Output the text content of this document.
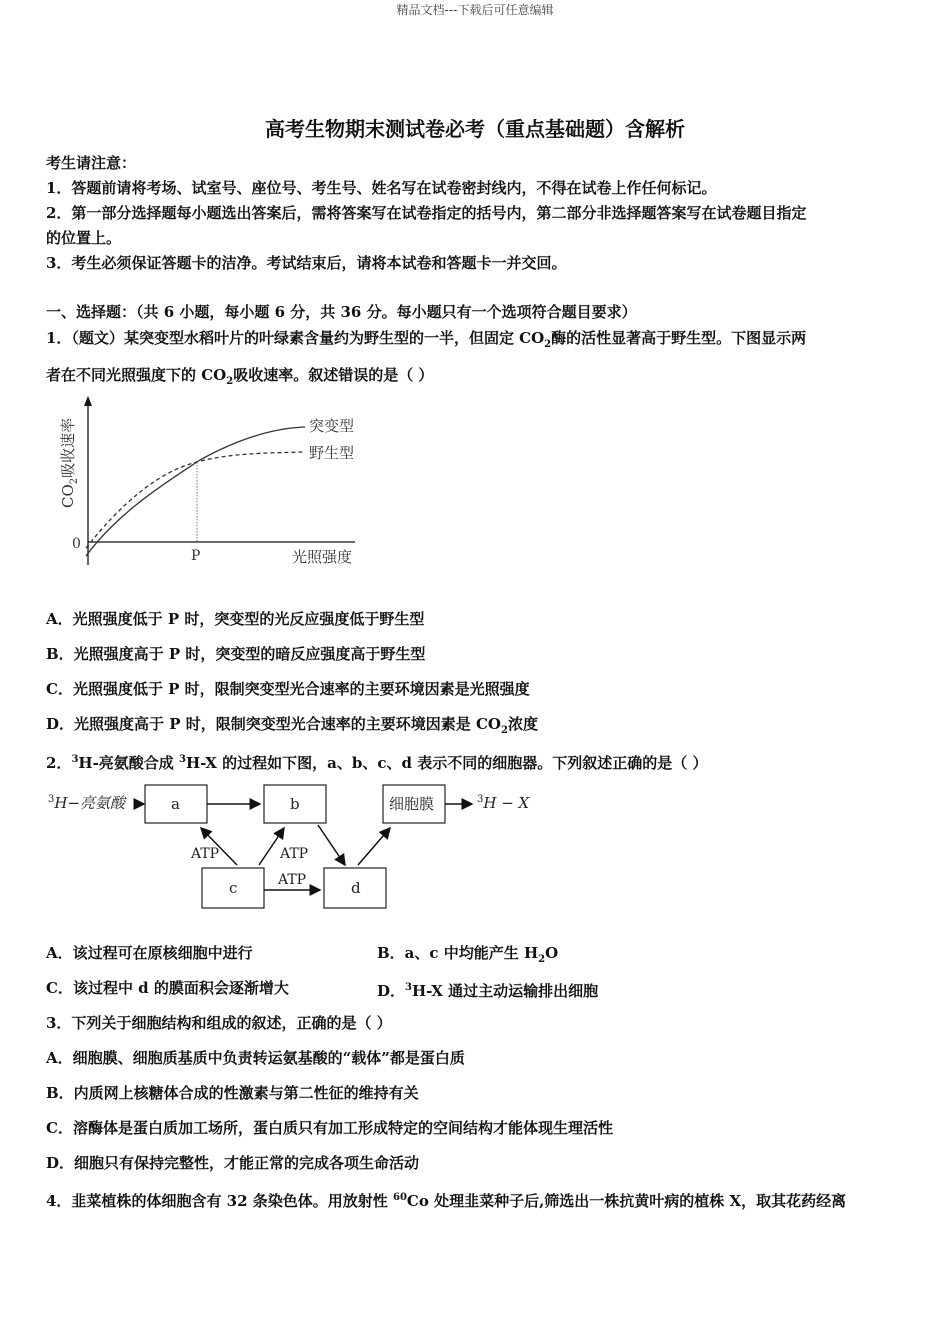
精品文档---下载后可任意编辑
高考生物期末测试卷必考（重点基础题）含解析
考生请注意：
1．答题前请将考场、试室号、座位号、考生号、姓名写在试卷密封线内，不得在试卷上作任何标记。
2．第一部分选择题每小题选出答案后，需将答案写在试卷指定的括号内，第二部分非选择题答案写在试卷题目指定
的位置上。
3．考生必须保证答题卡的洁净。考试结束后，请将本试卷和答题卡一并交回。
一、选择题：（共 6 小题，每小题 6 分，共 36 分。每小题只有一个选项符合题目要求）
1．（题文）某突变型水稻叶片的叶绿素含量约为野生型的一半，但固定 $CO_2$酶的活性显著高于野生型。下图显示两
者在不同光照强度下的 $CO_2$吸收速率。叙述错误的是（ ）
突变型
野生型
0
P	光照强度
$CO_2$吸收速率
A．光照强度低于 P 时，突变型的光反应强度低于野生型
B．光照强度高于 P 时，突变型的暗反应强度高于野生型
C．光照强度低于 P 时，限制突变型光合速率的主要环境因素是光照强度
D．光照强度高于 P 时，限制突变型光合速率的主要环境因素是 $CO_2$浓度
2．$^3$H-亮氨酸合成 $^3$H-X 的过程如下图，a、b、c、d 表示不同的细胞器。下列叙述正确的是（ ）
$^3$H−亮氨酸	a	b	细胞膜	$^3$H − X
c	d
ATP	ATP
ATP
A．该过程可在原核细胞中进行	B．a、c 中均能产生 $H_2O$
C．该过程中 d 的膜面积会逐渐增大	D．$^3$H-X 通过主动运输排出细胞
3．下列关于细胞结构和组成的叙述，正确的是（ ）
A．细胞膜、细胞质基质中负责转运氨基酸的“载体”都是蛋白质
B．内质网上核糖体合成的性激素与第二性征的维持有关
C．溶酶体是蛋白质加工场所，蛋白质只有加工形成特定的空间结构才能体现生理活性
D．细胞只有保持完整性，才能正常的完成各项生命活动
4．韭菜植株的体细胞含有 32 条染色体。用放射性 $^{60}$Co 处理韭菜种子后,筛选出一株抗黄叶病的植株 X，取其花药经离
